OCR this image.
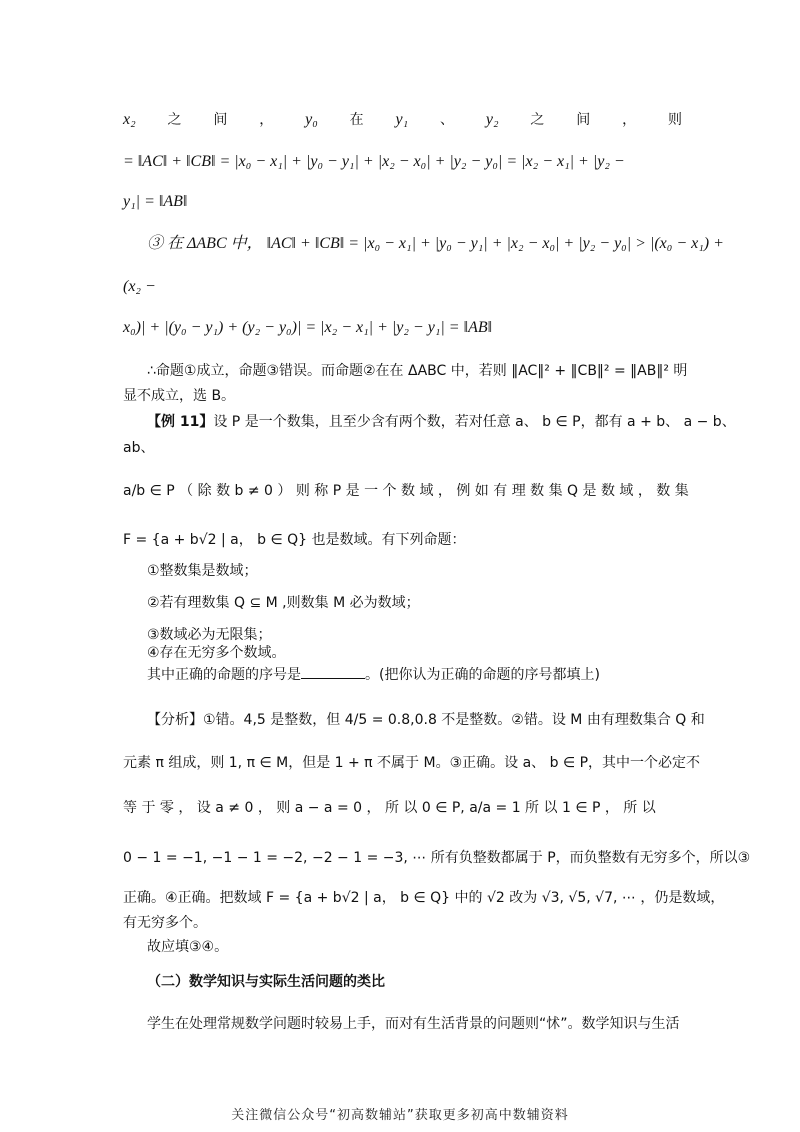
x₂ 之 间 ， y₀ 在 y₁ 、 y₂ 之 间 ， 则
= ‖AC‖ + ‖CB‖ = |x₀ − x₁| + |y₀ − y₁| + |x₂ − x₀| + |y₂ − y₀| = |x₂ − x₁| + |y₂ −
y₁| = ‖AB‖
③ 在 ΔABC 中， ‖AC‖ + ‖CB‖ = |x₀ − x₁| + |y₀ − y₁| + |x₂ − x₀| + |y₂ − y₀| > |(x₀ − x₁) +
(x₂ −
x₀)| + |(y₀ − y₁) + (y₂ − y₀)| = |x₂ − x₁| + |y₂ − y₁| = ‖AB‖
∴命题①成立，命题③错误。而命题②在在 ΔABC 中，若则 ‖AC‖² + ‖CB‖² = ‖AB‖² 明
显不成立，选 B。
【例 11】设 P 是一个数集，且至少含有两个数，若对任意 a、 b ∈ P，都有 a + b、 a − b、
ab、
a/b ∈ P （ 除 数 b ≠ 0 ） 则 称 P 是 一 个 数 域 ， 例 如 有 理 数 集 Q 是 数 域 ， 数 集
F = {a + b√2 | a， b ∈ Q} 也是数域。有下列命题：
①整数集是数域；
②若有理数集 Q ⊆ M ,则数集 M 必为数域；
③数域必为无限集；
④存在无穷多个数域。
其中正确的命题的序号是	。(把你认为正确的命题的序号都填上)
【分析】①错。4,5 是整数，但 4/5 = 0.8,0.8 不是整数。②错。设 M 由有理数集合 Q 和
元素 π 组成，则 1, π ∈ M，但是 1 + π 不属于 M。③正确。设 a、 b ∈ P，其中一个必定不
等 于 零 ， 设 a ≠ 0 ， 则 a − a = 0 ， 所 以 0 ∈ P, a/a = 1 所 以 1 ∈ P ， 所 以
0 − 1 = −1, −1 − 1 = −2, −2 − 1 = −3, ⋯ 所有负整数都属于 P，而负整数有无穷多个，所以③
正确。④正确。把数域 F = {a + b√2 | a， b ∈ Q} 中的 √2 改为 √3, √5, √7, ⋯ ，仍是数域，
有无穷多个。
故应填③④。
（二）数学知识与实际生活问题的类比
学生在处理常规数学问题时较易上手，而对有生活背景的问题则“怵”。数学知识与生活
关注微信公众号“初高数辅站”获取更多初高中数辅资料
